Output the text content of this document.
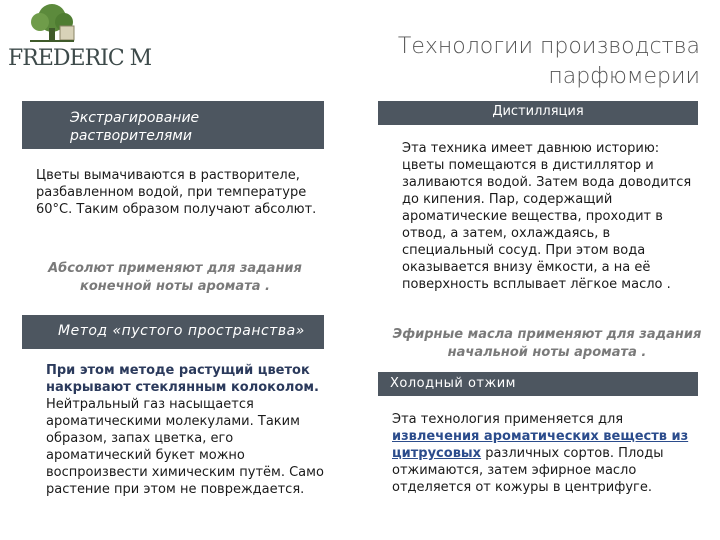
FREDERIC M	Технологии производства парфюмерии
Экстрагирование растворителями
Цветы вымачиваются в растворителе, разбавленном водой, при температуре 60°С. Таким образом получают абсолют.
Абсолют применяют для задания конечной ноты аромата .
Дистилляция
Эта техника имеет давнюю историю: цветы помещаются в дистиллятор и заливаются водой. Затем вода доводится до кипения. Пар, содержащий ароматические вещества, проходит в отвод, а затем, охлаждаясь, в специальный сосуд. При этом вода оказывается внизу ёмкости, а на её поверхность всплывает лёгкое масло .
Эфирные масла применяют для задания начальной ноты аромата .
Метод «пустого пространства»
При этом методе растущий цветок накрывают стеклянным колоколом. Нейтральный газ насыщается ароматическими молекулами. Таким образом, запах цветка, его ароматический букет можно воспроизвести химическим путём. Само растение при этом не повреждается.
Холодный отжим
Эта технология применяется для извлечения ароматических веществ из цитрусовых различных сортов. Плоды отжимаются, затем эфирное масло отделяется от кожуры в центрифуге.
